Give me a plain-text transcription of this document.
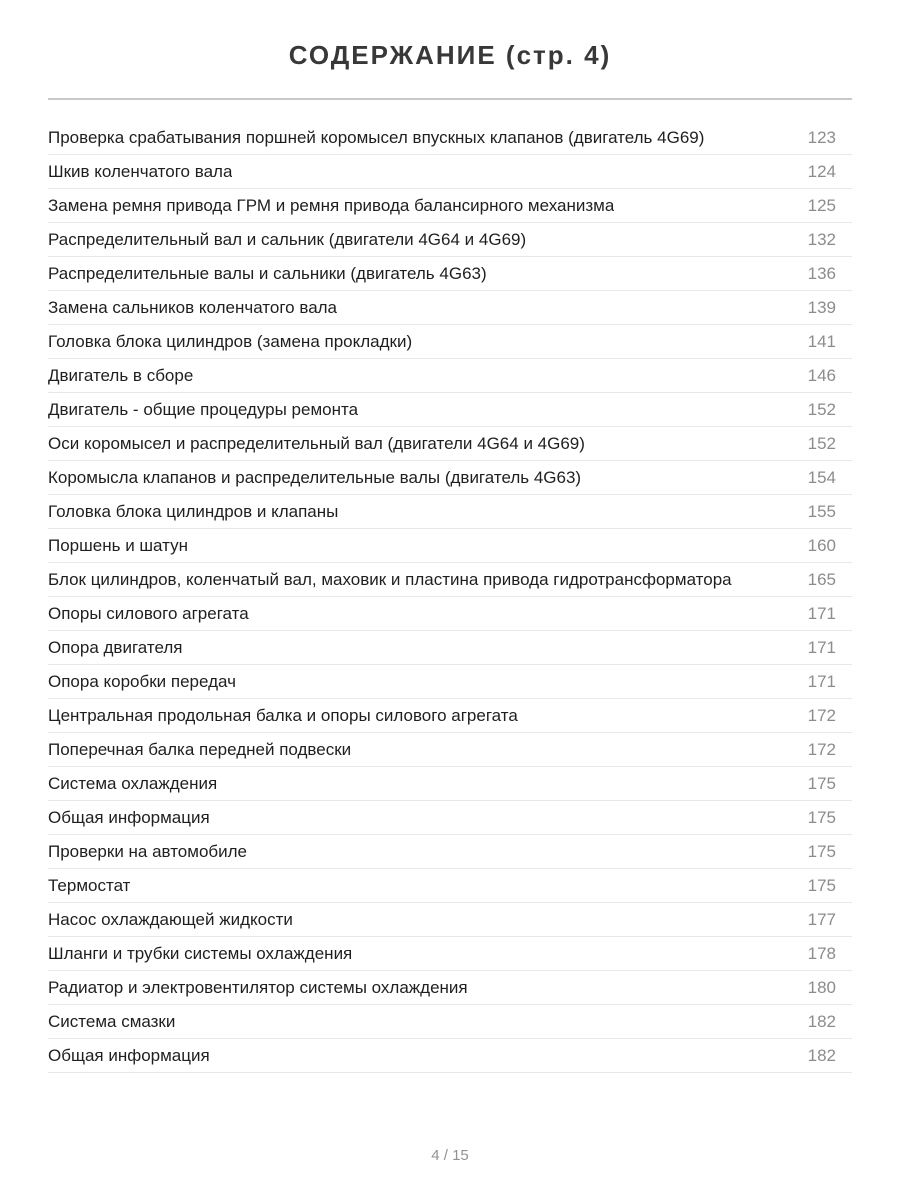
СОДЕРЖАНИЕ (стр. 4)
Проверка срабатывания поршней коромысел впускных клапанов (двигатель 4G69)	123
Шкив коленчатого вала	124
Замена ремня привода ГРМ и ремня привода балансирного механизма	125
Распределительный вал и сальник (двигатели 4G64 и 4G69)	132
Распределительные валы и сальники (двигатель 4G63)	136
Замена сальников коленчатого вала	139
Головка блока цилиндров (замена прокладки)	141
Двигатель в сборе	146
Двигатель - общие процедуры ремонта	152
Оси коромысел и распределительный вал (двигатели 4G64 и 4G69)	152
Коромысла клапанов и распределительные валы (двигатель 4G63)	154
Головка блока цилиндров и клапаны	155
Поршень и шатун	160
Блок цилиндров, коленчатый вал, маховик и пластина привода гидротрансформатора	165
Опоры силового агрегата	171
Опора двигателя	171
Опора коробки передач	171
Центральная продольная балка и опоры силового агрегата	172
Поперечная балка передней подвески	172
Система охлаждения	175
Общая информация	175
Проверки на автомобиле	175
Термостат	175
Насос охлаждающей жидкости	177
Шланги и трубки системы охлаждения	178
Радиатор и электровентилятор системы охлаждения	180
Система смазки	182
Общая информация	182
4 / 15
